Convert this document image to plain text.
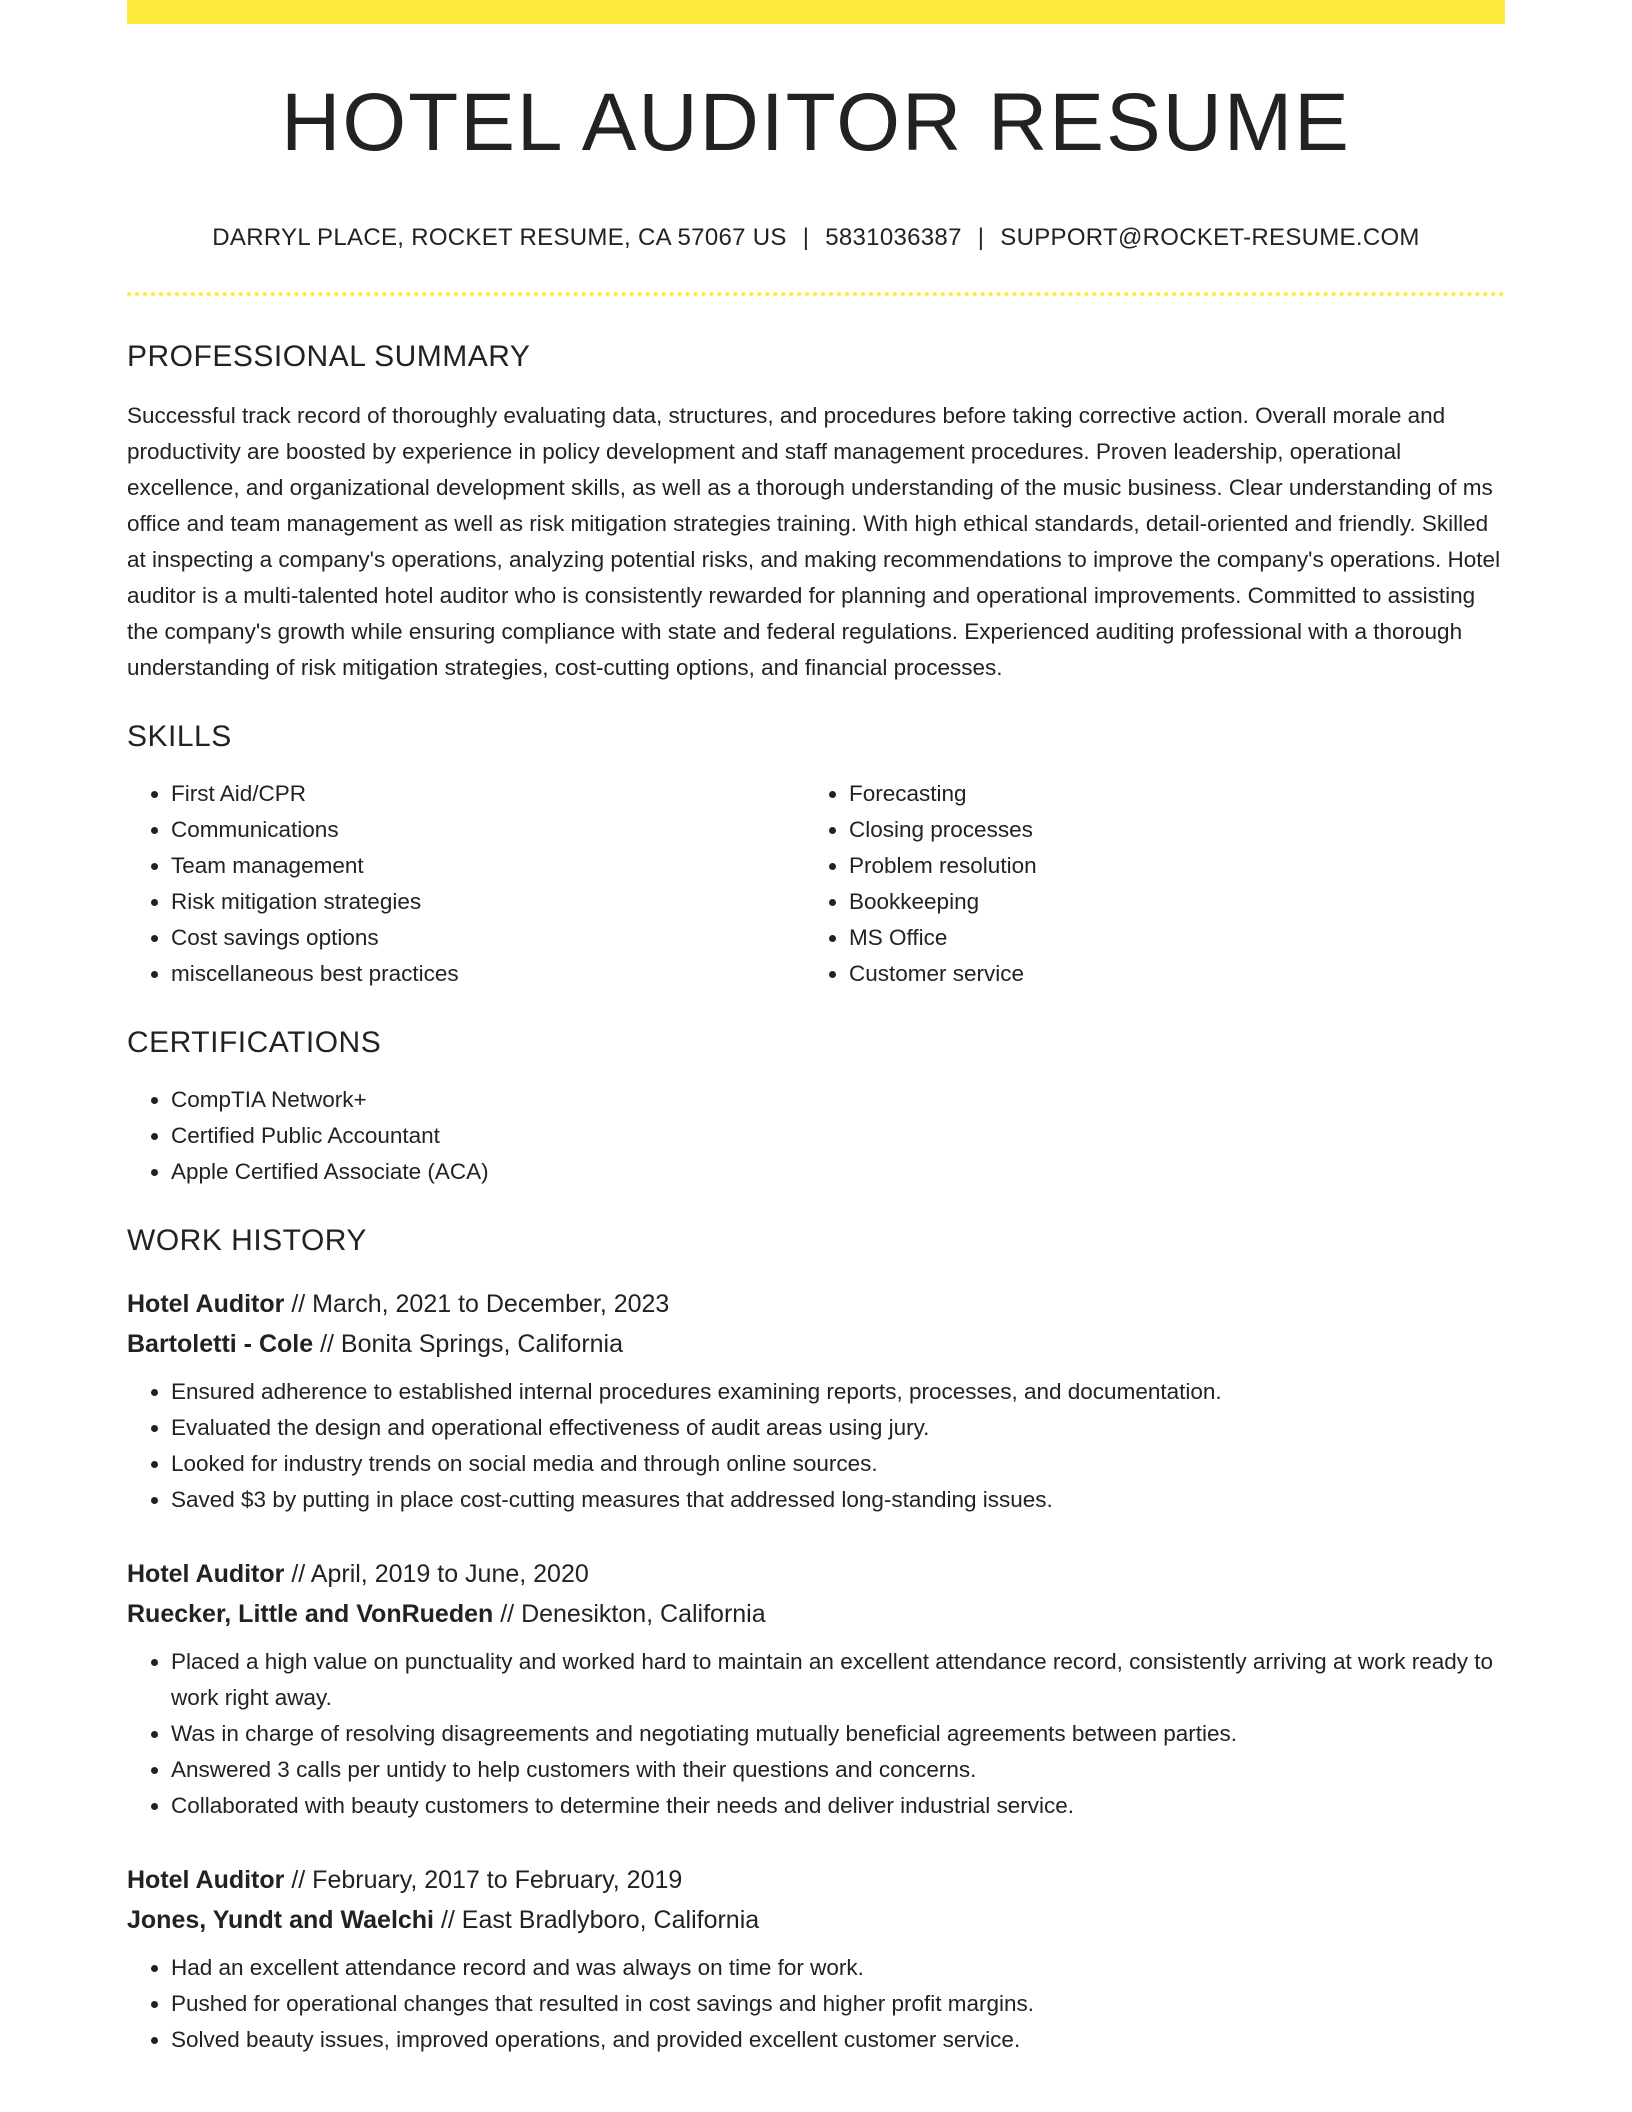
HOTEL AUDITOR RESUME
DARRYL PLACE, ROCKET RESUME, CA 57067 US | 5831036387 | SUPPORT@ROCKET-RESUME.COM
PROFESSIONAL SUMMARY

Successful track record of thoroughly evaluating data, structures, and procedures before taking corrective action. Overall morale and productivity are boosted by experience in policy development and staff management procedures. Proven leadership, operational excellence, and organizational development skills, as well as a thorough understanding of the music business. Clear understanding of ms office and team management as well as risk mitigation strategies training. With high ethical standards, detail-oriented and friendly. Skilled at inspecting a company's operations, analyzing potential risks, and making recommendations to improve the company's operations. Hotel auditor is a multi-talented hotel auditor who is consistently rewarded for planning and operational improvements. Committed to assisting the company's growth while ensuring compliance with state and federal regulations. Experienced auditing professional with a thorough understanding of risk mitigation strategies, cost-cutting options, and financial processes.

SKILLS
• First Aid/CPR
• Communications
• Team management
• Risk mitigation strategies
• Cost savings options
• miscellaneous best practices
• Forecasting
• Closing processes
• Problem resolution
• Bookkeeping
• MS Office
• Customer service
CERTIFICATIONS
• CompTIA Network+
• Certified Public Accountant
• Apple Certified Associate (ACA)
WORK HISTORY
Hotel Auditor // March, 2021 to December, 2023
Bartoletti - Cole // Bonita Springs, California
• Ensured adherence to established internal procedures examining reports, processes, and documentation.
• Evaluated the design and operational effectiveness of audit areas using jury.
• Looked for industry trends on social media and through online sources.
• Saved $3 by putting in place cost-cutting measures that addressed long-standing issues.
Hotel Auditor // April, 2019 to June, 2020
Ruecker, Little and VonRueden // Denesikton, California
• Placed a high value on punctuality and worked hard to maintain an excellent attendance record, consistently arriving at work ready to work right away.
• Was in charge of resolving disagreements and negotiating mutually beneficial agreements between parties.
• Answered 3 calls per untidy to help customers with their questions and concerns.
• Collaborated with beauty customers to determine their needs and deliver industrial service.
Hotel Auditor // February, 2017 to February, 2019
Jones, Yundt and Waelchi // East Bradlyboro, California
• Had an excellent attendance record and was always on time for work.
• Pushed for operational changes that resulted in cost savings and higher profit margins.
• Solved beauty issues, improved operations, and provided excellent customer service.
